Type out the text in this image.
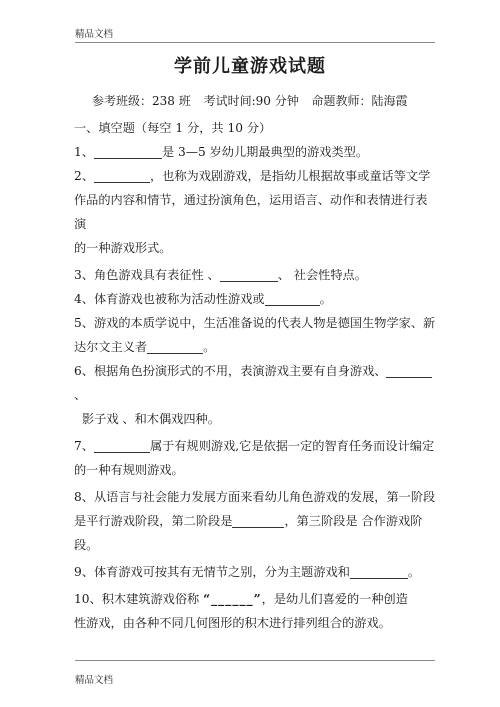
精品文档
学前儿童游戏试题
参考班级：238 班 考试时间:90 分钟 命题教师：陆海霞

一、填空题（每空 1 分，共 10 分）

1、	是 3—5 岁幼儿期最典型的游戏类型。

2、	，也称为戏剧游戏，是指幼儿根据故事或童话等文学

作品的内容和情节，通过扮演角色，运用语言、动作和表情进行表演

的一种游戏形式。

3、角色游戏具有表征性 、	、 社会性特点。

4、体育游戏也被称为活动性游戏或	。

5、游戏的本质学说中，生活准备说的代表人物是德国生物学家、新

达尔文主义者	。

6、根据角色扮演形式的不用，表演游戏主要有自身游戏、、

影子戏 、和木偶戏四种。

7、	属于有规则游戏,它是依据一定的智育任务而设计编定

的一种有规则游戏。

8、从语言与社会能力发展方面来看幼儿角色游戏的发展，第一阶段

是平行游戏阶段，第二阶段是	，第三阶段是 合作游戏阶

段。

9、体育游戏可按其有无情节之别，分为主题游戏和	。

10、积木建筑游戏俗称 “______”，是幼儿们喜爱的一种创造

性游戏，由各种不同几何图形的积木进行排列组合的游戏。

精品文档
